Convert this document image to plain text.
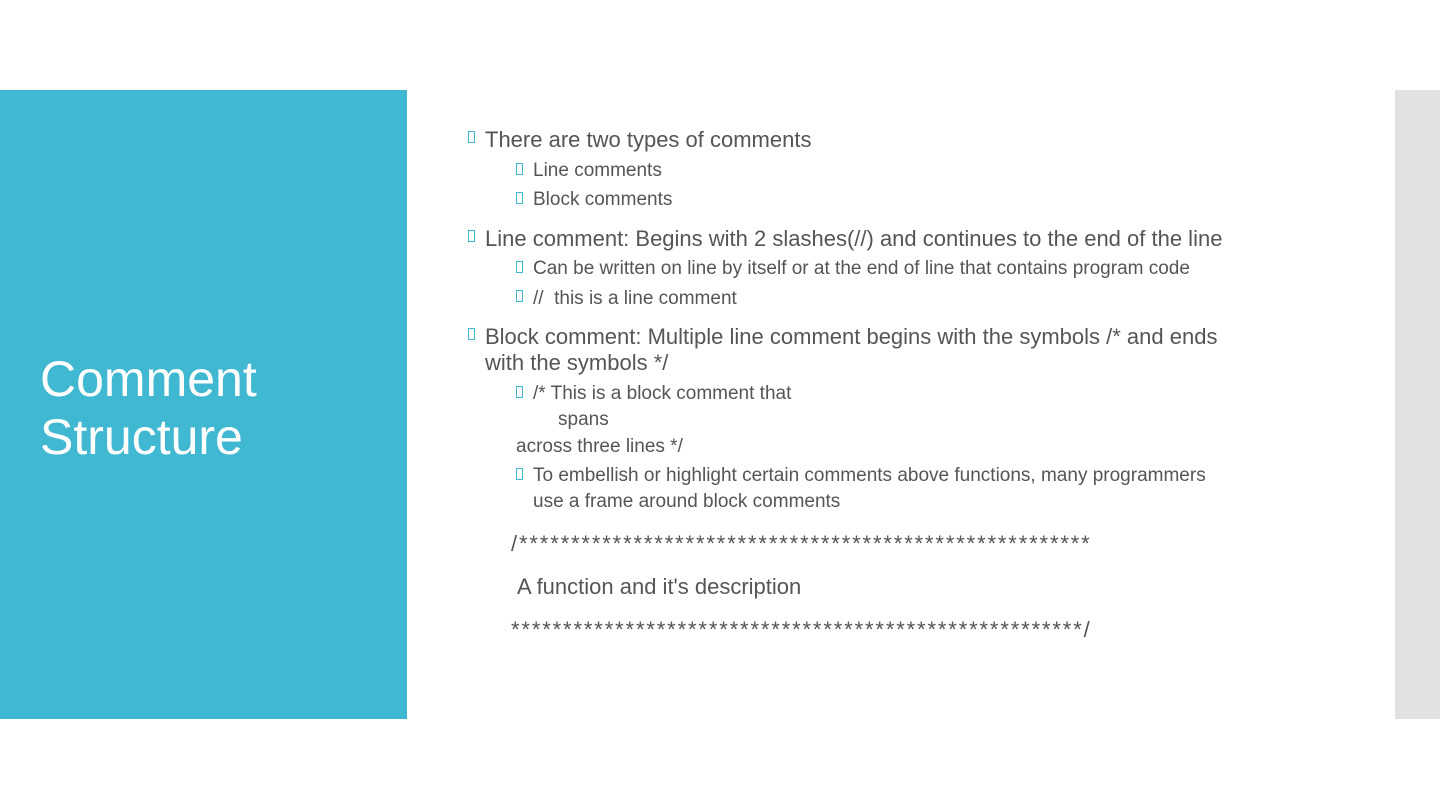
Comment
Structure
There are two types of comments
Line comments
Block comments
Line comment: Begins with 2 slashes(//) and continues to the end of the line
Can be written on line by itself or at the end of line that contains program code
//  this is a line comment
Block comment: Multiple line comment begins with the symbols /* and ends
with the symbols */
/* This is a block comment that
spans
across three lines */
To embellish or highlight certain comments above functions, many programmers
use a frame around block comments
/*******************************************************
A function and it's description
*******************************************************/
